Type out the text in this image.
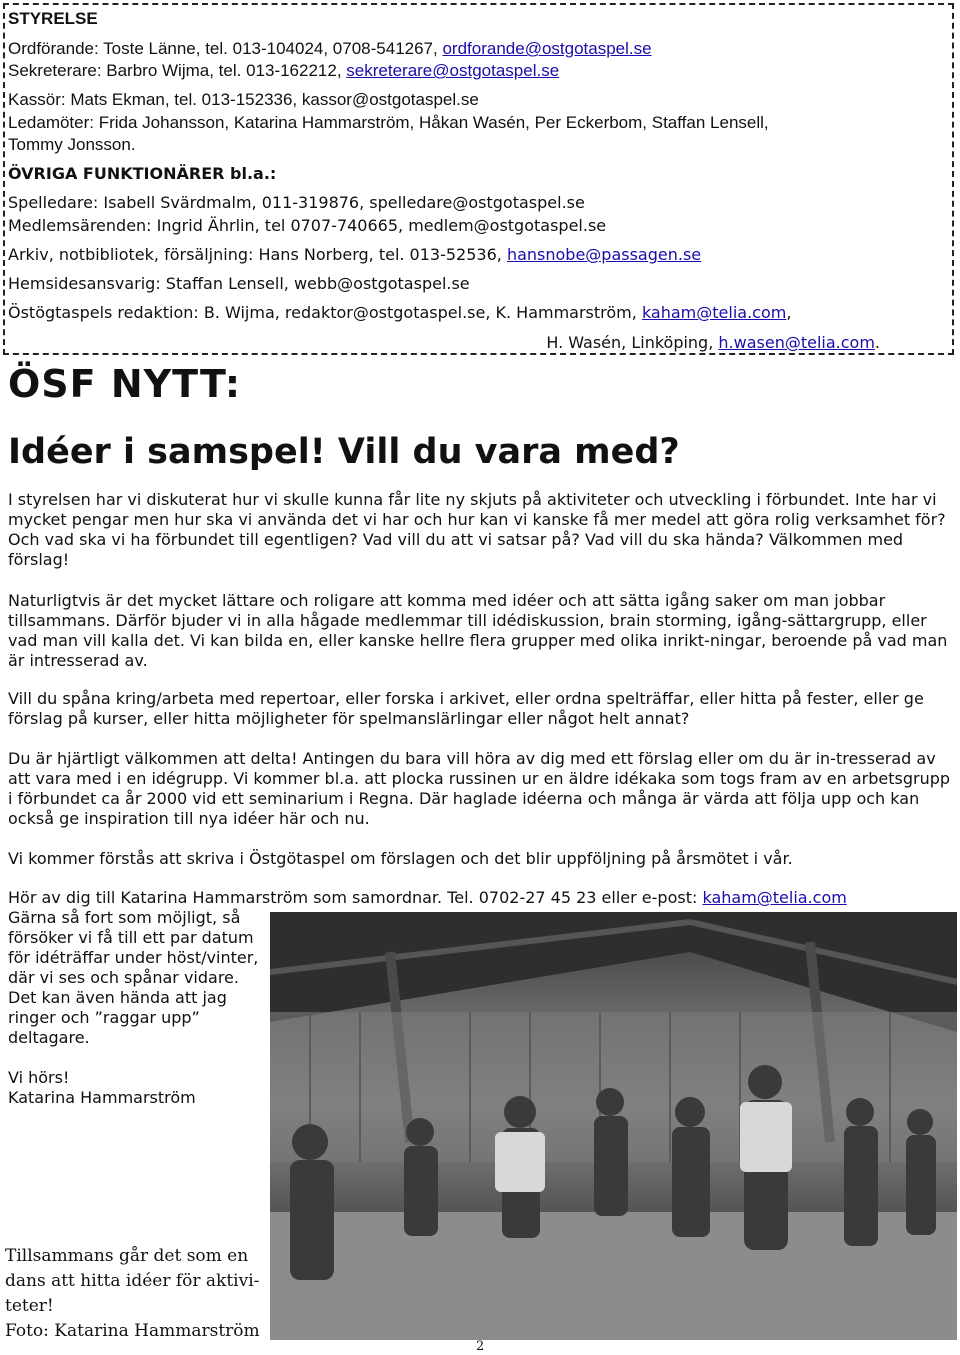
STYRELSE
Ordförande: Toste Länne, tel. 013-104024, 0708-541267, ordforande@ostgotaspel.se
Sekreterare: Barbro Wijma, tel. 013-162212, sekreterare@ostgotaspel.se
Kassör: Mats Ekman, tel. 013-152336, kassor@ostgotaspel.se
Ledamöter: Frida Johansson, Katarina Hammarström, Håkan Wasén, Per Eckerbom, Staffan Lensell,
Tommy Jonsson.
ÖVRIGA FUNKTIONÄRER bl.a.:
Spelledare: Isabell Svärdmalm, 011-319876, spelledare@ostgotaspel.se
Medlemsärenden: Ingrid Ährlin, tel 0707-740665, medlem@ostgotaspel.se
Arkiv, notbibliotek, försäljning: Hans Norberg, tel. 013-52536, hansnobe@passagen.se
Hemsidesansvarig: Staffan Lensell, webb@ostgotaspel.se
Östögtaspels redaktion: B. Wijma, redaktor@ostgotaspel.se, K. Hammarström, kaham@telia.com,
H. Wasén, Linköping, h.wasen@telia.com.
ÖSF NYTT:
Idéer i samspel! Vill du vara med?
I styrelsen har vi diskuterat hur vi skulle kunna får lite ny skjuts på aktiviteter och utveckling i förbundet. Inte har vi mycket pengar men hur ska vi använda det vi har och hur kan vi kanske få mer medel att göra rolig verksamhet för? Och vad ska vi ha förbundet till egentligen? Vad vill du att vi satsar på? Vad vill du ska hända? Välkommen med förslag!
Naturligtvis är det mycket lättare och roligare att komma med idéer och att sätta igång saker om man jobbar tillsammans. Därför bjuder vi in alla hågade medlemmar till idédiskussion, brain storming, igång-sättargrupp, eller vad man vill kalla det. Vi kan bilda en, eller kanske hellre flera grupper med olika inrikt-ningar, beroende på vad man är intresserad av.
Vill du spåna kring/arbeta med repertoar, eller forska i arkivet, eller ordna spelträffar, eller hitta på fester, eller ge förslag på kurser, eller hitta möjligheter för spelmanslärlingar eller något helt annat?
Du är hjärtligt välkommen att delta! Antingen du bara vill höra av dig med ett förslag eller om du är in-tresserad av att vara med i en idégrupp. Vi kommer bl.a. att plocka russinen ur en äldre idékaka som togs fram av en arbetsgrupp i förbundet ca år 2000 vid ett seminarium i Regna. Där haglade idéerna och många är värda att följa upp och kan också ge inspiration till nya idéer här och nu.
Vi kommer förstås att skriva i Östgötaspel om förslagen och det blir uppföljning på årsmötet i vår.
Hör av dig till Katarina Hammarström som samordnar. Tel. 0702-27 45 23 eller e-post: kaham@telia.com
Gärna så fort som möjligt, så försöker vi få till ett par datum för idéträffar under höst/vinter, där vi ses och spånar vidare. Det kan även hända att jag ringer och ”raggar upp” deltagare.
Vi hörs!
Katarina Hammarström
Tillsammans går det som en dans att hitta idéer för aktivi-teter!
Foto: Katarina Hammarström
2
